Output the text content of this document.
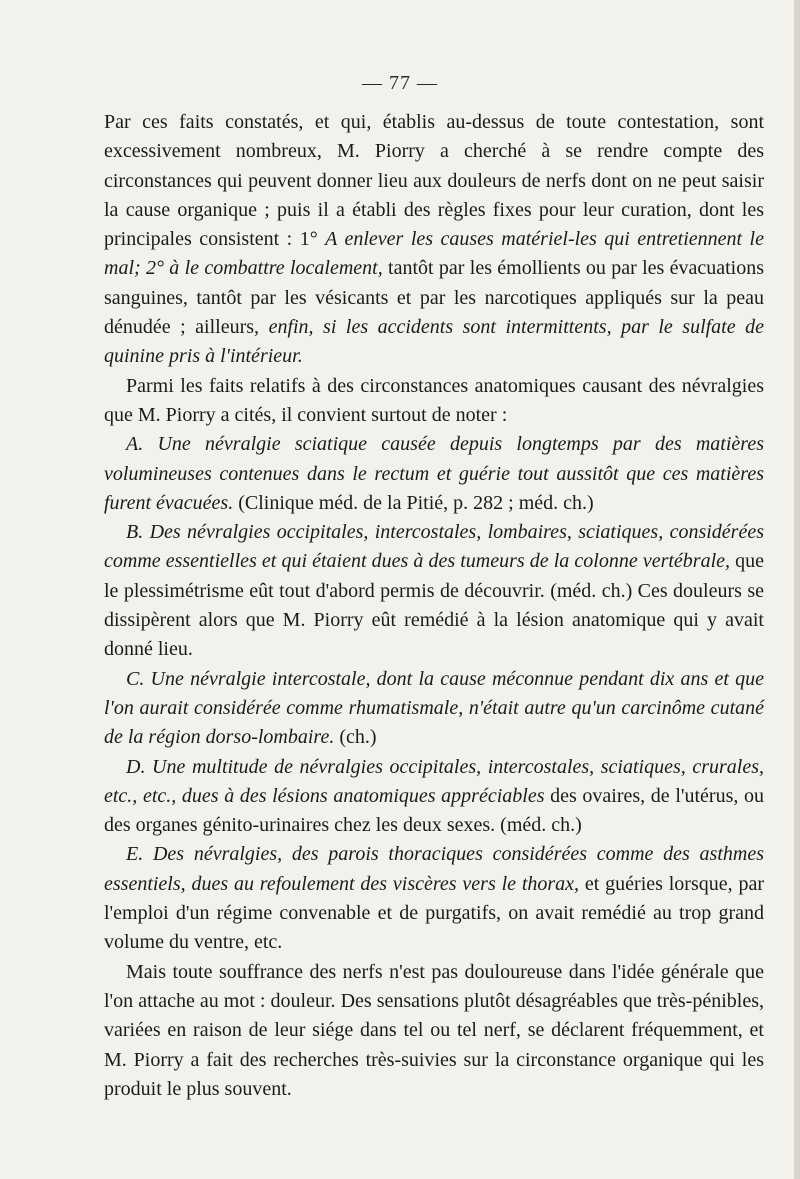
— 77 —

Par ces faits constatés, et qui, établis au-dessus de toute contestation, sont excessivement nombreux, M. Piorry a cherché à se rendre compte des circonstances qui peuvent donner lieu aux douleurs de nerfs dont on ne peut saisir la cause organique ; puis il a établi des règles fixes pour leur curation, dont les principales consistent : 1° A enlever les causes matériel-les qui entretiennent le mal; 2° à le combattre localement, tantôt par les émollients ou par les évacuations sanguines, tantôt par les vésicants et par les narcotiques appliqués sur la peau dénudée ; ailleurs, enfin, si les accidents sont intermittents, par le sulfate de quinine pris à l'intérieur.

Parmi les faits relatifs à des circonstances anatomiques causant des névralgies que M. Piorry a cités, il convient surtout de noter :

A. Une névralgie sciatique causée depuis longtemps par des matières volumineuses contenues dans le rectum et guérie tout aussitôt que ces matières furent évacuées. (Clinique méd. de la Pitié, p. 282 ; méd. ch.)

B. Des névralgies occipitales, intercostales, lombaires, sciatiques, considérées comme essentielles et qui étaient dues à des tumeurs de la colonne vertébrale, que le plessimétrisme eût tout d'abord permis de découvrir. (méd. ch.) Ces douleurs se dissipèrent alors que M. Piorry eût remédié à la lésion anatomique qui y avait donné lieu.

C. Une névralgie intercostale, dont la cause méconnue pendant dix ans et que l'on aurait considérée comme rhumatismale, n'était autre qu'un carcinôme cutané de la région dorso-lombaire. (ch.)

D. Une multitude de névralgies occipitales, intercostales, sciatiques, crurales, etc., etc., dues à des lésions anatomiques appréciables des ovaires, de l'utérus, ou des organes génito-urinaires chez les deux sexes. (méd. ch.)

E. Des névralgies, des parois thoraciques considérées comme des asthmes essentiels, dues au refoulement des viscères vers le thorax, et guéries lorsque, par l'emploi d'un régime convenable et de purgatifs, on avait remédié au trop grand volume du ventre, etc.

Mais toute souffrance des nerfs n'est pas douloureuse dans l'idée générale que l'on attache au mot : douleur. Des sensations plutôt désagréables que très-pénibles, variées en raison de leur siége dans tel ou tel nerf, se déclarent fréquemment, et M. Piorry a fait des recherches très-suivies sur la circonstance organique qui les produit le plus souvent.
